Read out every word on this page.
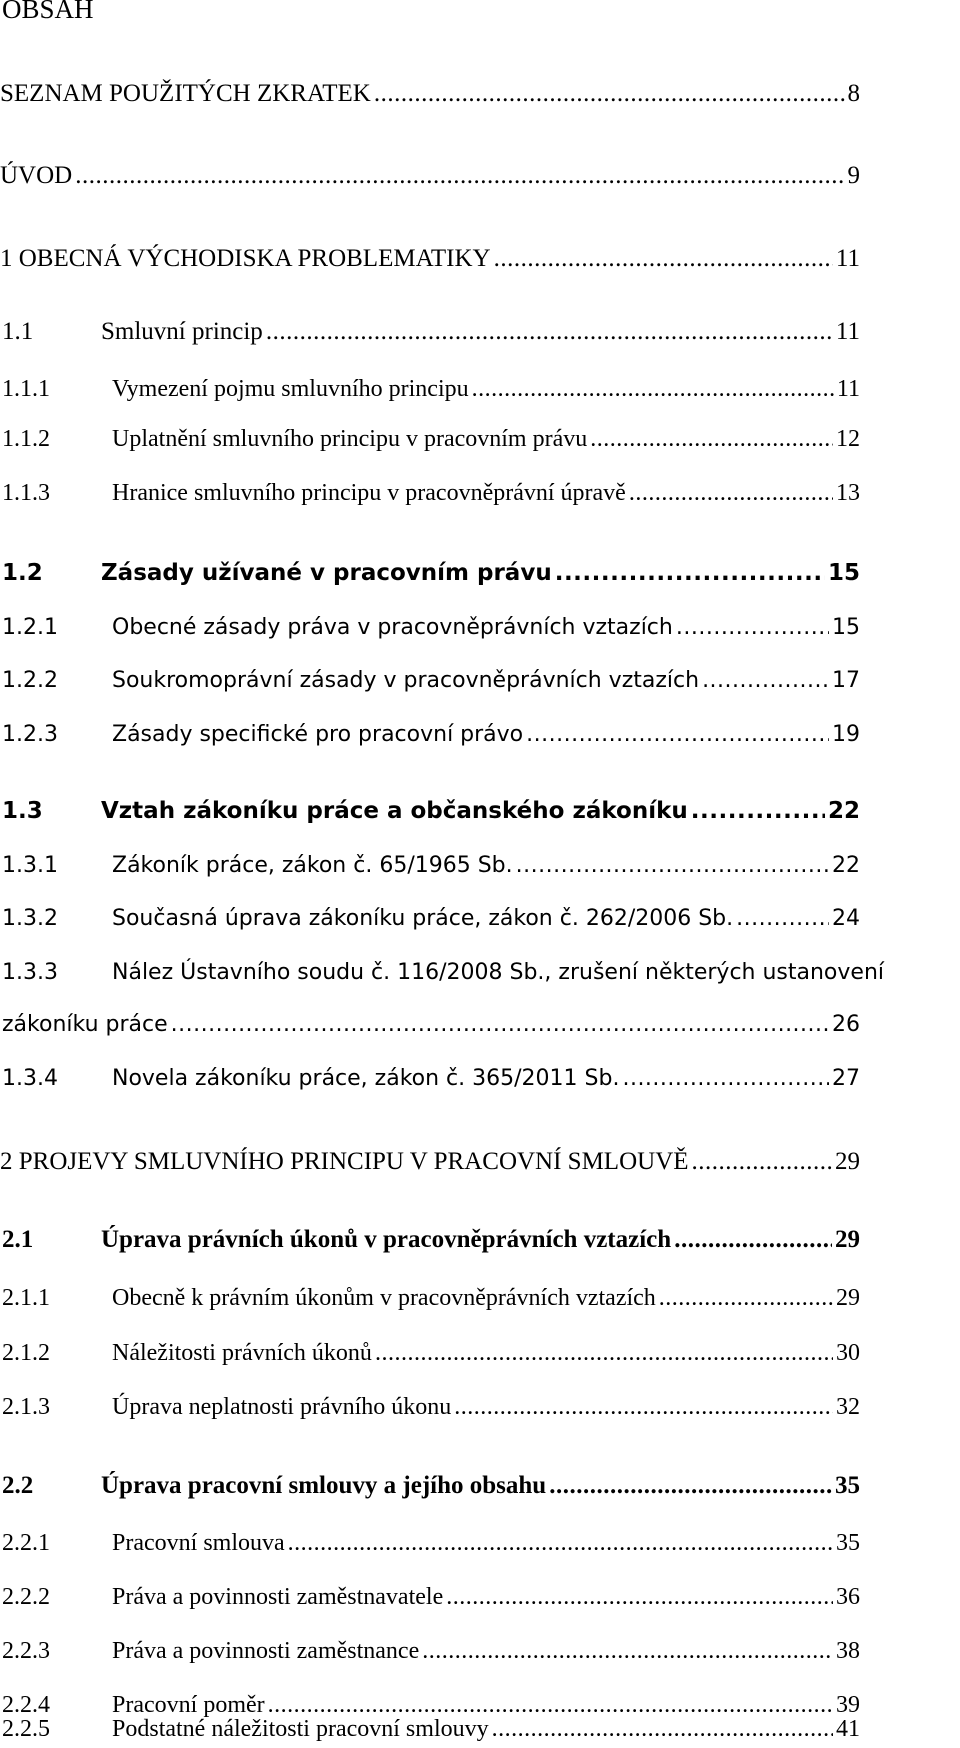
OBSAH
SEZNAM POUŽITÝCH ZKRATEK .....	8
ÚVOD .....	9
1 OBECNÁ VÝCHODISKA PROBLEMATIKY .....	11
1.1	Smluvní princip .....	11
1.1.1	Vymezení pojmu smluvního principu .....	11
1.1.2	Uplatnění smluvního principu v pracovním právu .....	12
1.1.3	Hranice smluvního principu v pracovněprávní úpravě .....	13
1.2	Zásady užívané v pracovním právu .....	15
1.2.1	Obecné zásady práva v pracovněprávních vztazích .....	15
1.2.2	Soukromoprávní zásady v pracovněprávních vztazích .....	17
1.2.3	Zásady specifické pro pracovní právo .....	19
1.3	Vztah zákoníku práce a občanského zákoníku .....	22
1.3.1	Zákoník práce, zákon č. 65/1965 Sb. .....	22
1.3.2	Současná úprava zákoníku práce, zákon č. 262/2006 Sb. .....	24
1.3.3	Nález Ústavního soudu č. 116/2008 Sb., zrušení některých ustanovení
zákoníku práce .....	26
1.3.4	Novela zákoníku práce, zákon č. 365/2011 Sb. .....	27
2 PROJEVY SMLUVNÍHO PRINCIPU V PRACOVNÍ SMLOUVĚ .....	29
2.1	Úprava právních úkonů v pracovněprávních vztazích .....	29
2.1.1	Obecně k právním úkonům v pracovněprávních vztazích .....	29
2.1.2	Náležitosti právních úkonů .....	30
2.1.3	Úprava neplatnosti právního úkonu .....	32
2.2	Úprava pracovní smlouvy a jejího obsahu .....	35
2.2.1	Pracovní smlouva .....	35
2.2.2	Práva a povinnosti zaměstnavatele .....	36
2.2.3	Práva a povinnosti zaměstnance .....	38
2.2.4	Pracovní poměr .....	39
2.2.5	Podstatné náležitosti pracovní smlouvy .....	41
